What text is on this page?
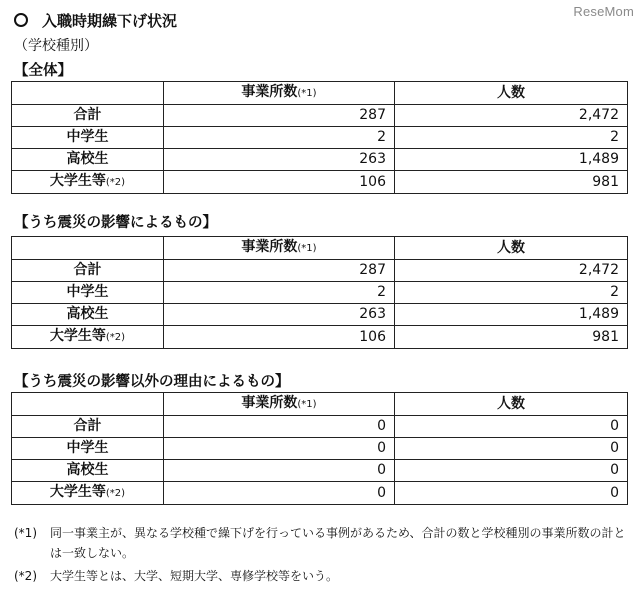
ReseMom
入職時期繰下げ状況
（学校種別）
【全体】
	事業所数(*1)	人数
合計	287	2,472
中学生	2	2
高校生	263	1,489
大学生等(*2)	106	981
【うち震災の影響によるもの】
	事業所数(*1)	人数
合計	287	2,472
中学生	2	2
高校生	263	1,489
大学生等(*2)	106	981
【うち震災の影響以外の理由によるもの】
	事業所数(*1)	人数
合計	0	0
中学生	0	0
高校生	0	0
大学生等(*2)	0	0
(*1) 同一事業主が、異なる学校種で繰下げを行っている事例があるため、合計の数と学校種別の事業所数の計と
は一致しない。
(*2) 大学生等とは、大学、短期大学、専修学校等をいう。
